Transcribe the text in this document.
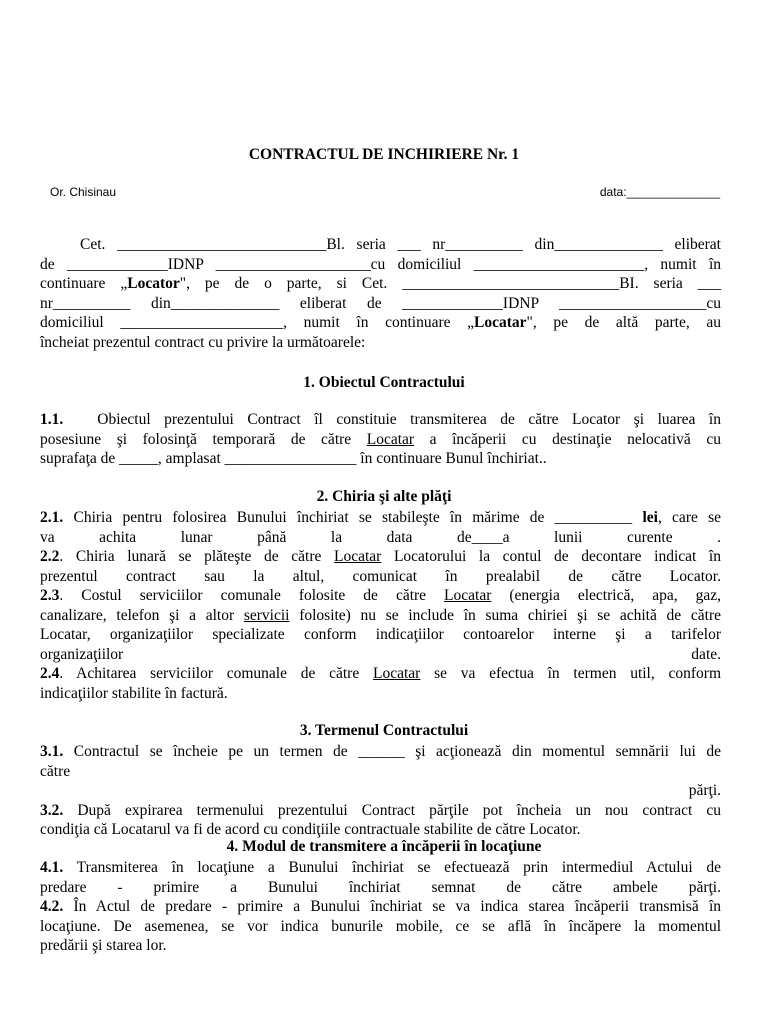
CONTRACTUL DE INCHIRIERE Nr. 1
Or. Chisinau	data:______________

Cet. ___________________________Bl. seria ___ nr__________ din______________ eliberat

de _____________IDNP ____________________cu domiciliul ______________________, numit în

continuare „Locator", pe de o parte, si Cet. ____________________________BI. seria ___

nr__________ din______________ eliberat de _____________IDNP ___________________cu

domiciliul _____________________, numit în continuare „Locatar", pe de altă parte, au

încheiat prezentul contract cu privire la următoarele:

1. Obiectul Contractului

1.1. Obiectul prezentului Contract îl constituie transmiterea de către Locator şi luarea în

posesiune şi folosinţă temporară de către Locatar a încăperii cu destinaţie nelocativă cu

suprafaţa de _____, amplasat _________________ în continuare Bunul închiriat..

2. Chiria şi alte plăţi

2.1. Chiria pentru folosirea Bunului închiriat se stabileşte în mărime de __________ lei, care se

va achita lunar până la data de____a lunii curente .

2.2. Chiria lunară se plăteşte de către Locatar Locatorului la contul de decontare indicat în

prezentul contract sau la altul, comunicat în prealabil de către Locator.

2.3. Costul serviciilor comunale folosite de către Locatar (energia electrică, apa, gaz,

canalizare, telefon şi a altor servicii folosite) nu se include în suma chiriei şi se achită de către

Locatar, organizaţiilor specializate conform indicaţiilor contoarelor interne şi a tarifelor

organizaţiilor date.

2.4. Achitarea serviciilor comunale de către Locatar se va efectua în termen util, conform

indicaţiilor stabilite în factură.

3. Termenul Contractului

3.1. Contractul se încheie pe un termen de ______ şi acţionează din momentul semnării lui de

către

părţi.

3.2. După expirarea termenului prezentului Contract părţile pot încheia un nou contract cu

condiţia că Locatarul va fi de acord cu condiţiile contractuale stabilite de către Locator.

4. Modul de transmitere a încăperii în locaţiune

4.1. Transmiterea în locaţiune a Bunului închiriat se efectuează prin intermediul Actului de

predare - primire a Bunului închiriat semnat de către ambele părţi.

4.2. În Actul de predare - primire a Bunului închiriat se va indica starea încăperii transmisă în

locaţiune. De asemenea, se vor indica bunurile mobile, ce se află în încăpere la momentul

predării şi starea lor.
